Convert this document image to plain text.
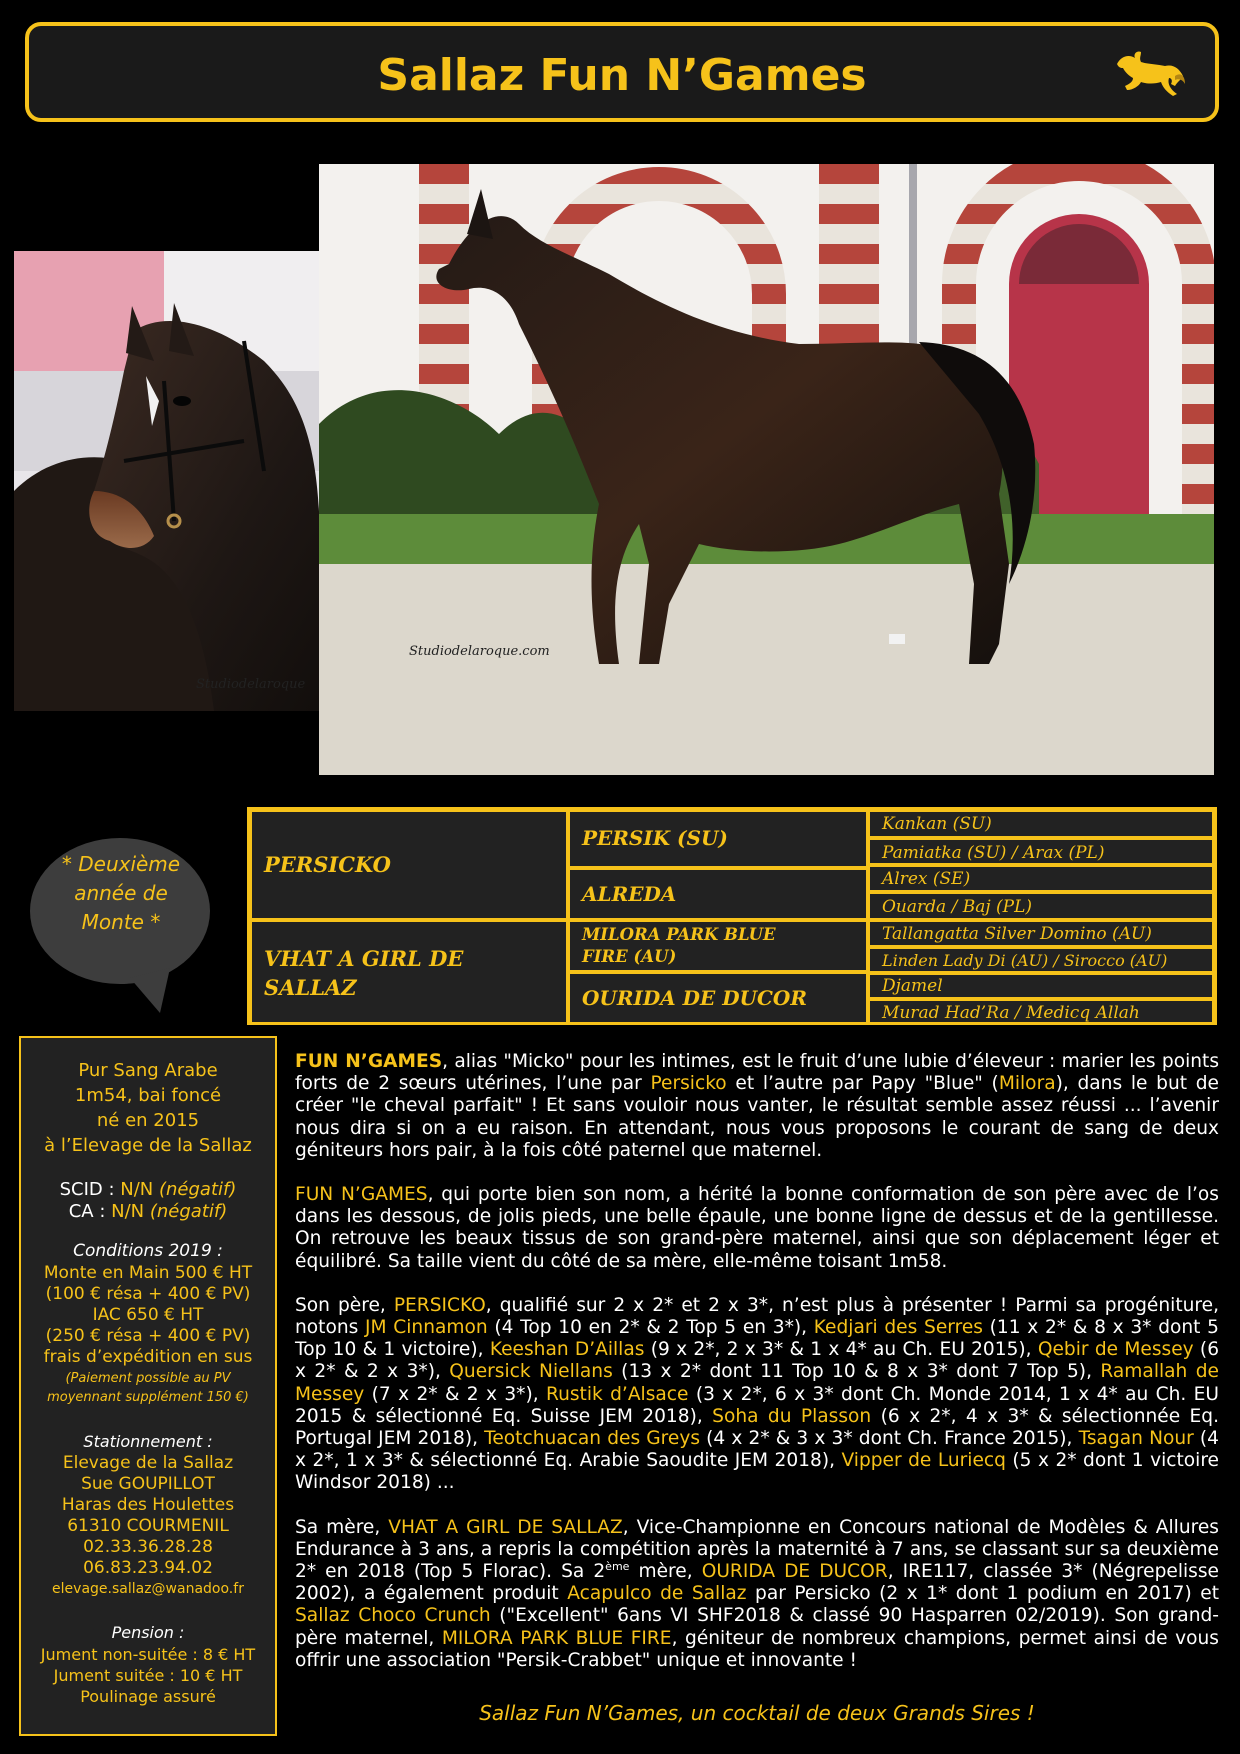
Sallaz Fun N’Games
Studiodelaroque
Studiodelaroque.com
* Deuxième
année de
Monte *
PERSICKO
VHAT A GIRL DE SALLAZ
PERSIK (SU)
ALREDA
MILORA PARK BLUE
FIRE (AU)
OURIDA DE DUCOR
Kankan (SU)
Pamiatka (SU) / Arax (PL)
Alrex (SE)
Ouarda / Baj (PL)
Tallangatta Silver Domino (AU)
Linden Lady Di (AU) / Sirocco (AU)
Djamel
Murad Had’Ra / Medicq Allah
Pur Sang Arabe
1m54, bai foncé
né en 2015
à l’Elevage de la Sallaz
SCID : N/N (négatif)
CA : N/N (négatif)
Conditions 2019 :
Monte en Main 500 € HT
(100 € résa + 400 € PV)
IAC 650 € HT
(250 € résa + 400 € PV)
frais d’expédition en sus
(Paiement possible au PV
moyennant supplément 150 €)
Stationnement :
Elevage de la Sallaz
Sue GOUPILLOT
Haras des Houlettes
61310 COURMENIL
02.33.36.28.28
06.83.23.94.02
elevage.sallaz@wanadoo.fr
Pension :
Jument non-suitée : 8 € HT
Jument suitée : 10 € HT
Poulinage assuré

FUN N’GAMES, alias "Micko" pour les intimes, est le fruit d’une lubie d’éleveur : marier les points forts de 2 sœurs utérines, l’une par Persicko et l’autre par Papy "Blue" (Milora), dans le but de créer "le cheval parfait" ! Et sans vouloir nous vanter, le résultat semble assez réussi ... l’avenir nous dira si on a eu raison. En attendant, nous vous proposons le courant de sang de deux géniteurs hors pair, à la fois côté paternel que maternel.

FUN N’GAMES, qui porte bien son nom, a hérité la bonne conformation de son père avec de l’os dans les dessous, de jolis pieds, une belle épaule, une bonne ligne de dessus et de la gentillesse. On retrouve les beaux tissus de son grand-père maternel, ainsi que son déplacement léger et équilibré. Sa taille vient du côté de sa mère, elle-même toisant 1m58.

Son père, PERSICKO, qualifié sur 2 x 2* et 2 x 3*, n’est plus à présenter ! Parmi sa progéniture, notons JM Cinnamon (4 Top 10 en 2* & 2 Top 5 en 3*), Kedjari des Serres (11 x 2* & 8 x 3* dont 5 Top 10 & 1 victoire), Keeshan D’Aillas (9 x 2*, 2 x 3* & 1 x 4* au Ch. EU 2015), Qebir de Messey (6 x 2* & 2 x 3*), Quersick Niellans (13 x 2* dont 11 Top 10 & 8 x 3* dont 7 Top 5), Ramallah de Messey (7 x 2* & 2 x 3*), Rustik d’Alsace (3 x 2*, 6 x 3* dont Ch. Monde 2014, 1 x 4* au Ch. EU 2015 & sélectionné Eq. Suisse JEM 2018), Soha du Plasson (6 x 2*, 4 x 3* & sélectionnée Eq. Portugal JEM 2018), Teotchuacan des Greys (4 x 2* & 3 x 3* dont Ch. France 2015), Tsagan Nour (4 x 2*, 1 x 3* & sélectionné Eq. Arabie Saoudite JEM 2018), Vipper de Luriecq (5 x 2* dont 1 victoire Windsor 2018) ...

Sa mère, VHAT A GIRL DE SALLAZ, Vice-Championne en Concours national de Modèles & Allures Endurance à 3 ans, a repris la compétition après la maternité à 7 ans, se classant sur sa deuxième 2* en 2018 (Top 5 Florac). Sa 2ème mère, OURIDA DE DUCOR, IRE117, classée 3* (Négrepelisse 2002), a également produit Acapulco de Sallaz par Persicko (2 x 1* dont 1 podium en 2017) et Sallaz Choco Crunch ("Excellent" 6ans VI SHF2018 & classé 90 Hasparren 02/2019). Son grand-père maternel, MILORA PARK BLUE FIRE, géniteur de nombreux champions, permet ainsi de vous offrir une association "Persik-Crabbet" unique et innovante !

Sallaz Fun N’Games, un cocktail de deux Grands Sires !
